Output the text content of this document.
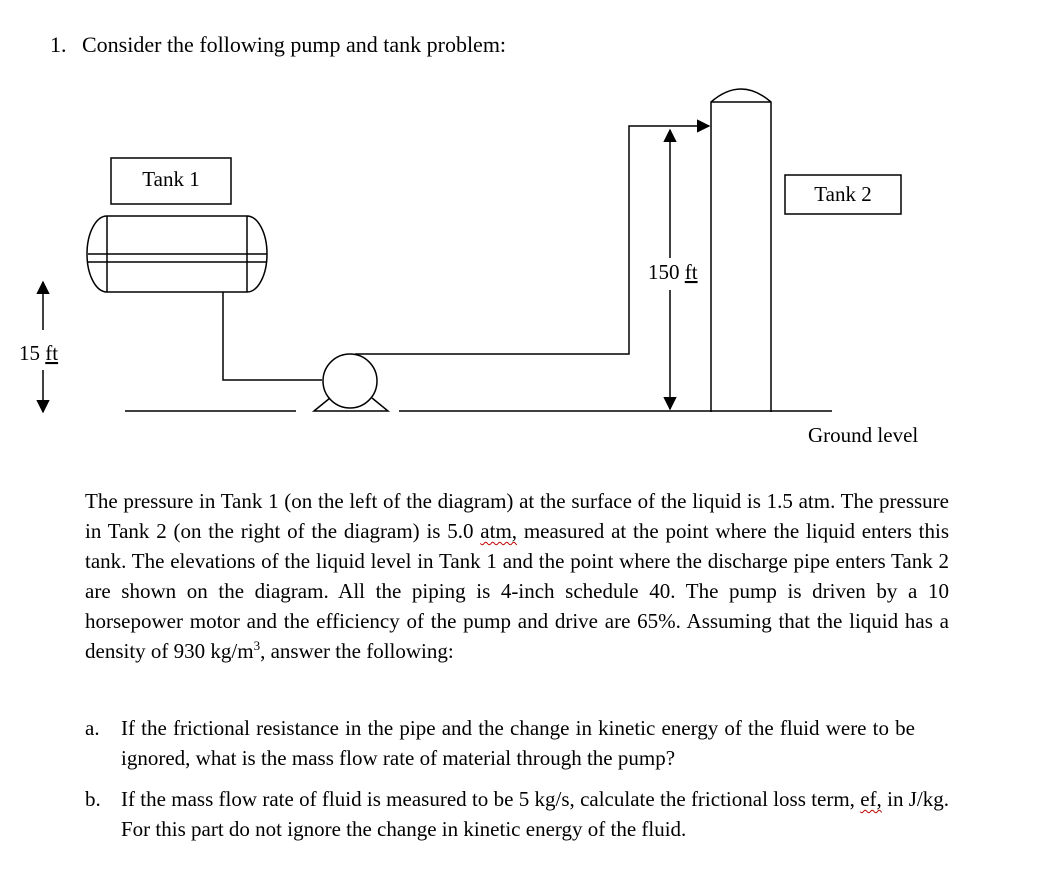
1. Consider the following pump and tank problem:
Tank 1
Tank 2
150 ft
15 ft
Ground level
The pressure in Tank 1 (on the left of the diagram) at the surface of the liquid is 1.5 atm. The pressure in Tank 2 (on the right of the diagram) is 5.0 atm, measured at the point where the liquid enters this tank. The elevations of the liquid level in Tank 1 and the point where the discharge pipe enters Tank 2 are shown on the diagram. All the piping is 4-inch schedule 40. The pump is driven by a 10 horsepower motor and the efficiency of the pump and drive are 65%. Assuming that the liquid has a density of 930 $kg/m^3$, answer the following:
a. If the frictional resistance in the pipe and the change in kinetic energy of the fluid were to be ignored, what is the mass flow rate of material through the pump?
b. If the mass flow rate of fluid is measured to be 5 kg/s, calculate the frictional loss term, ef, in J/kg. For this part do not ignore the change in kinetic energy of the fluid.
